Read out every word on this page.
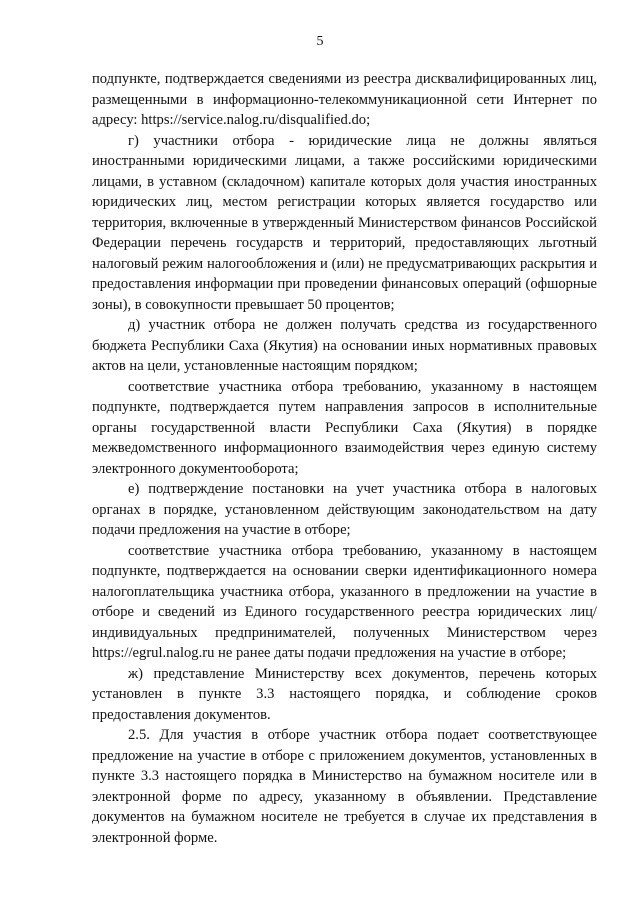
5

подпункте, подтверждается сведениями из реестра дисквалифицированных лиц, размещенными в информационно-телекоммуникационной сети Интернет по адресу: https://service.nalog.ru/disqualified.do;

г) участники отбора - юридические лица не должны являться иностранными юридическими лицами, а также российскими юридическими лицами, в уставном (складочном) капитале которых доля участия иностранных юридических лиц, местом регистрации которых является государство или территория, включенные в утвержденный Министерством финансов Российской Федерации перечень государств и территорий, предоставляющих льготный налоговый режим налогообложения и (или) не предусматривающих раскрытия и предоставления информации при проведении финансовых операций (офшорные зоны), в совокупности превышает 50 процентов;

д) участник отбора не должен получать средства из государственного бюджета Республики Саха (Якутия) на основании иных нормативных правовых актов на цели, установленные настоящим порядком;

соответствие участника отбора требованию, указанному в настоящем подпункте, подтверждается путем направления запросов в исполнительные органы государственной власти Республики Саха (Якутия) в порядке межведомственного информационного взаимодействия через единую систему электронного документооборота;

е) подтверждение постановки на учет участника отбора в налоговых органах в порядке, установленном действующим законодательством на дату подачи предложения на участие в отборе;

соответствие участника отбора требованию, указанному в настоящем подпункте, подтверждается на основании сверки идентификационного номера налогоплательщика участника отбора, указанного в предложении на участие в отборе и сведений из Единого государственного реестра юридических лиц/индивидуальных предпринимателей, полученных Министерством через https://egrul.nalog.ru не ранее даты подачи предложения на участие в отборе;

ж) представление Министерству всех документов, перечень которых установлен в пункте 3.3 настоящего порядка, и соблюдение сроков предоставления документов.

2.5. Для участия в отборе участник отбора подает соответствующее предложение на участие в отборе с приложением документов, установленных в пункте 3.3 настоящего порядка в Министерство на бумажном носителе или в электронной форме по адресу, указанному в объявлении. Представление документов на бумажном носителе не требуется в случае их представления в электронной форме.
